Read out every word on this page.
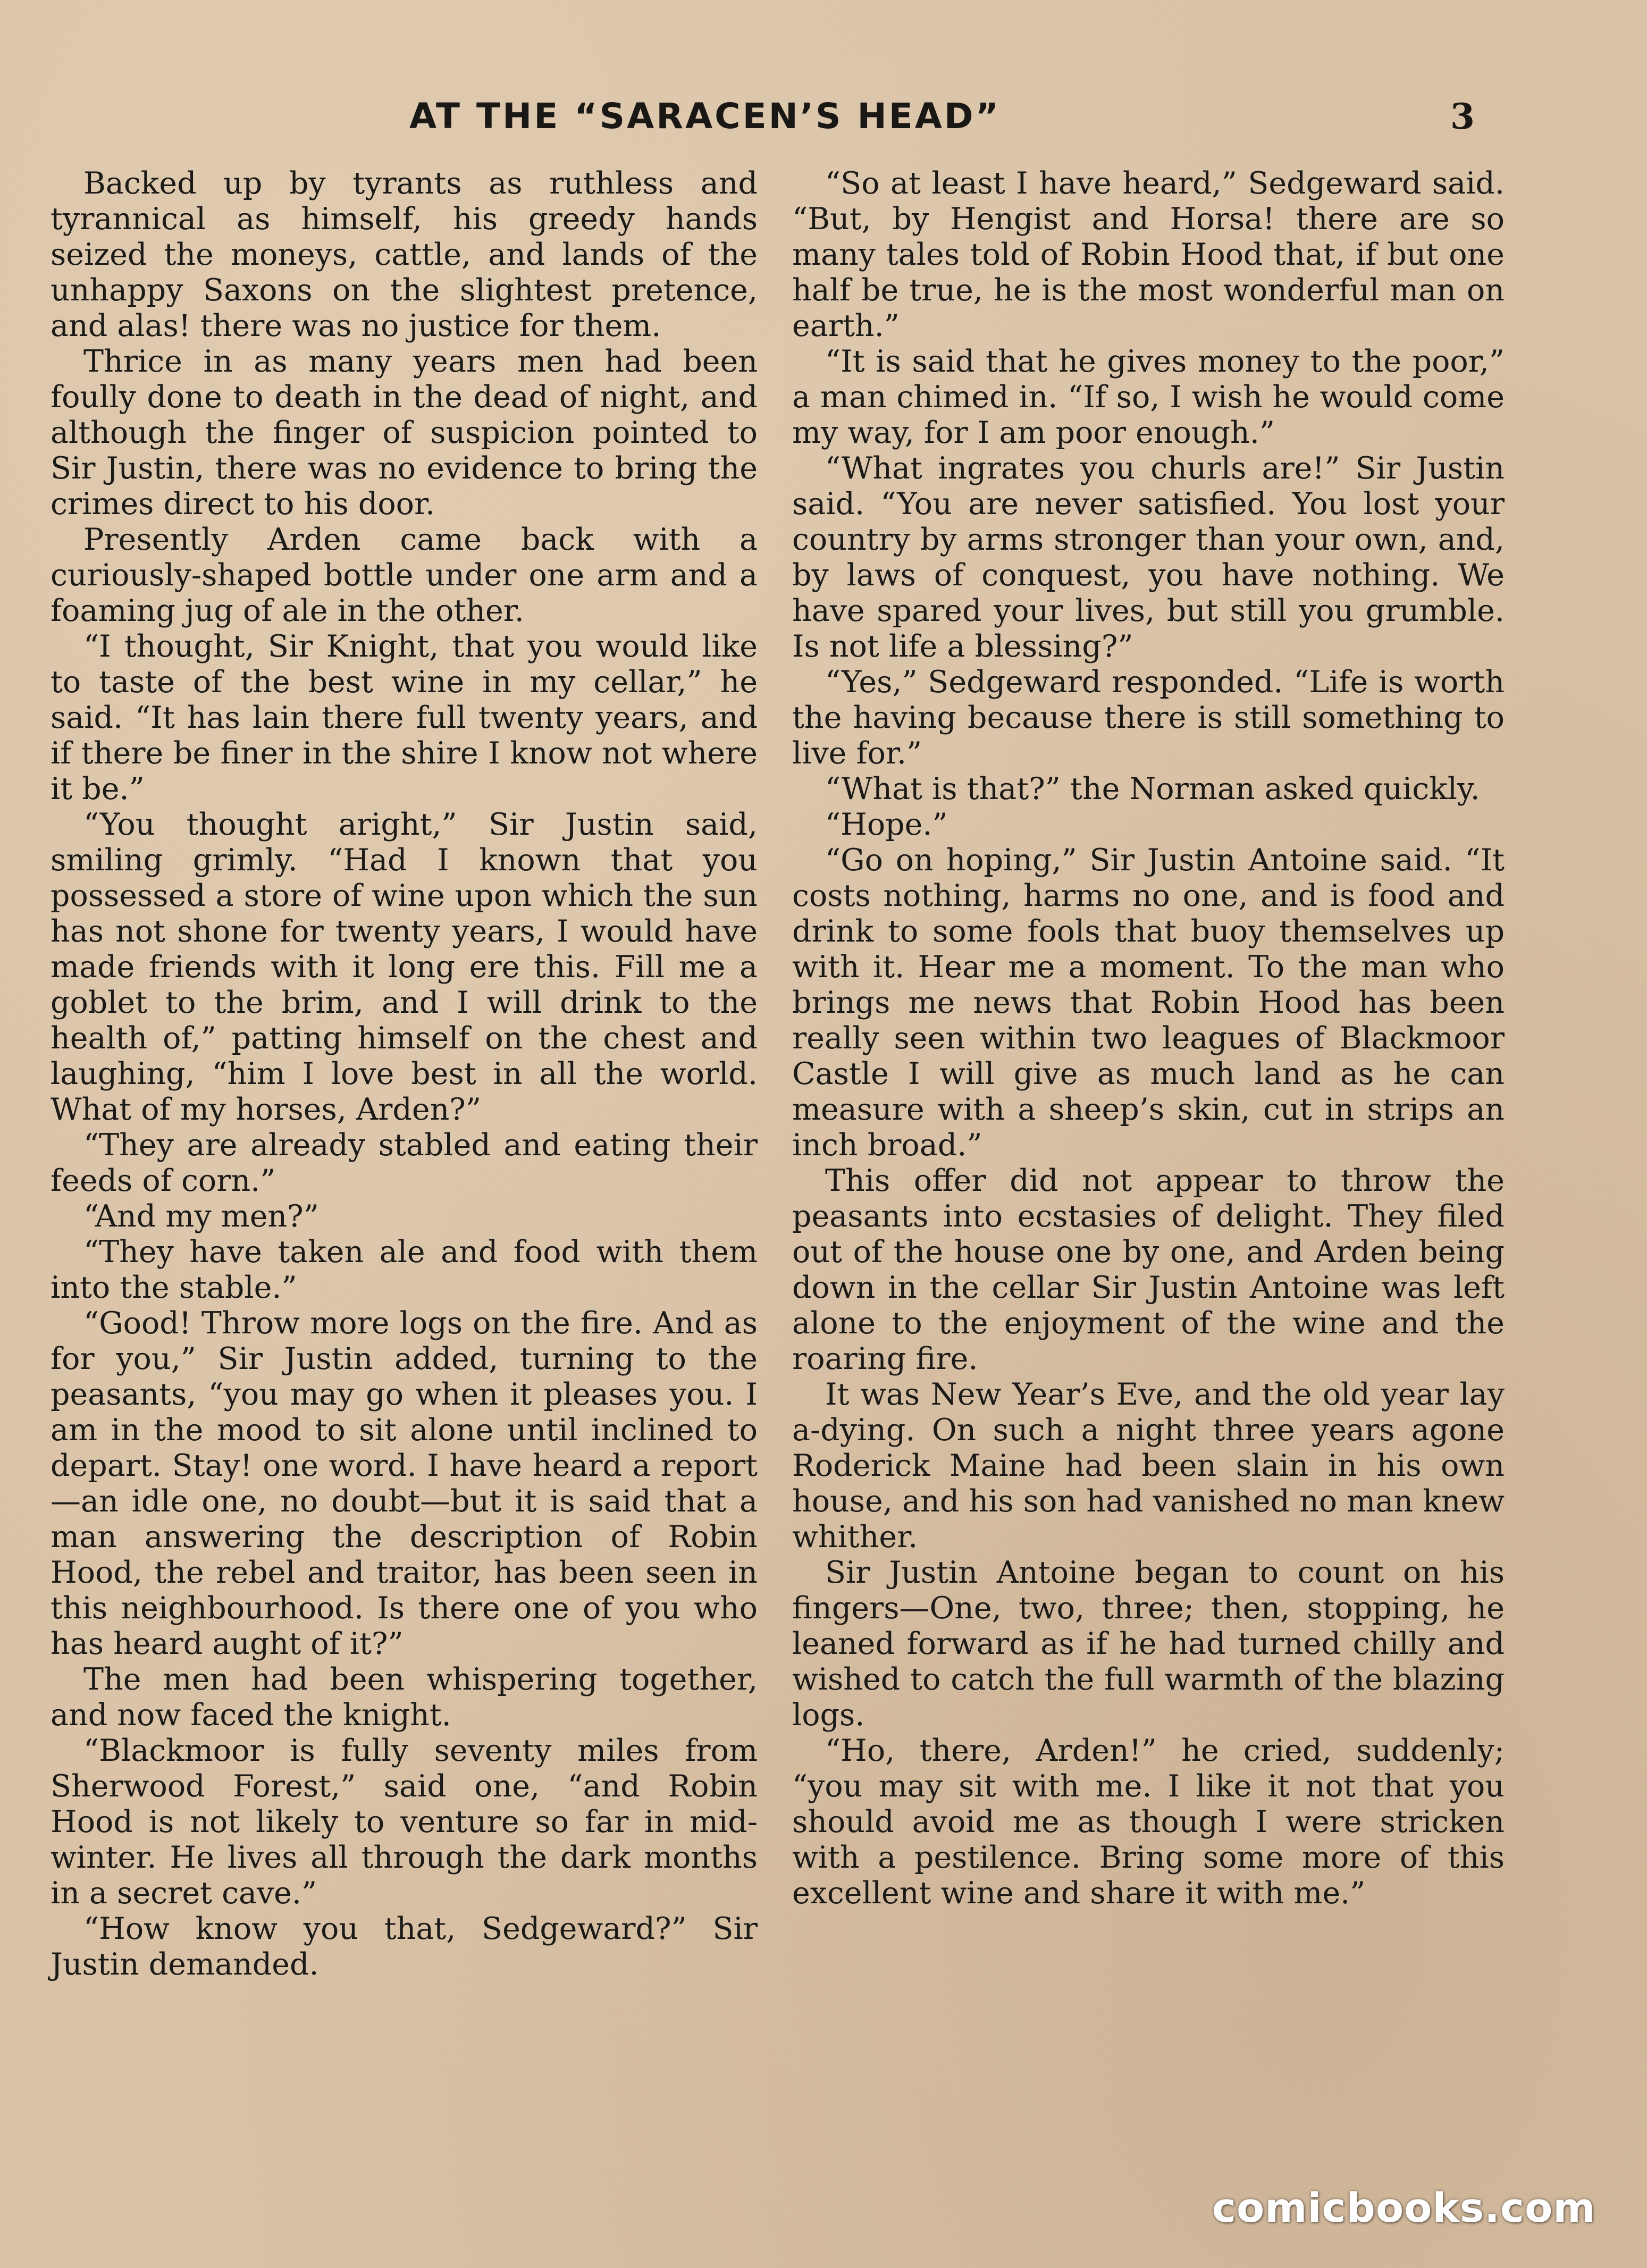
AT THE “SARACEN’S HEAD”	3

Backed up by tyrants as ruthless and tyrannical as himself, his greedy hands seized the moneys, cattle, and lands of the unhappy Saxons on the slightest pretence, and alas! there was no justice for them.

Thrice in as many years men had been foully done to death in the dead of night, and although the finger of suspicion pointed to Sir Justin, there was no evidence to bring the crimes direct to his door.

Presently Arden came back with a curiously-shaped bottle under one arm and a foaming jug of ale in the other.

“I thought, Sir Knight, that you would like to taste of the best wine in my cellar,” he said. “It has lain there full twenty years, and if there be finer in the shire I know not where it be.”

“You thought aright,” Sir Justin said, smiling grimly. “Had I known that you possessed a store of wine upon which the sun has not shone for twenty years, I would have made friends with it long ere this. Fill me a goblet to the brim, and I will drink to the health of,” patting himself on the chest and laughing, “him I love best in all the world. What of my horses, Arden?”

“They are already stabled and eating their feeds of corn.”

“And my men?”

“They have taken ale and food with them into the stable.”

“Good! Throw more logs on the fire. And as for you,” Sir Justin added, turning to the peasants, “you may go when it pleases you. I am in the mood to sit alone until inclined to depart. Stay! one word. I have heard a report—an idle one, no doubt—but it is said that a man answering the description of Robin Hood, the rebel and traitor, has been seen in this neighbourhood. Is there one of you who has heard aught of it?”

The men had been whispering together, and now faced the knight.

“Blackmoor is fully seventy miles from Sherwood Forest,” said one, “and Robin Hood is not likely to venture so far in mid-winter. He lives all through the dark months in a secret cave.”

“How know you that, Sedgeward?” Sir Justin demanded.

“So at least I have heard,” Sedgeward said. “But, by Hengist and Horsa! there are so many tales told of Robin Hood that, if but one half be true, he is the most wonderful man on earth.”

“It is said that he gives money to the poor,” a man chimed in. “If so, I wish he would come my way, for I am poor enough.”

“What ingrates you churls are!” Sir Justin said. “You are never satisfied. You lost your country by arms stronger than your own, and, by laws of conquest, you have nothing. We have spared your lives, but still you grumble. Is not life a blessing?”

“Yes,” Sedgeward responded. “Life is worth the having because there is still something to live for.”

“What is that?” the Norman asked quickly.

“Hope.”

“Go on hoping,” Sir Justin Antoine said. “It costs nothing, harms no one, and is food and drink to some fools that buoy themselves up with it. Hear me a moment. To the man who brings me news that Robin Hood has been really seen within two leagues of Blackmoor Castle I will give as much land as he can measure with a sheep’s skin, cut in strips an inch broad.”

This offer did not appear to throw the peasants into ecstasies of delight. They filed out of the house one by one, and Arden being down in the cellar Sir Justin Antoine was left alone to the enjoyment of the wine and the roaring fire.

It was New Year’s Eve, and the old year lay a-dying. On such a night three years agone Roderick Maine had been slain in his own house, and his son had vanished no man knew whither.

Sir Justin Antoine began to count on his fingers—One, two, three; then, stopping, he leaned forward as if he had turned chilly and wished to catch the full warmth of the blazing logs.

“Ho, there, Arden!” he cried, suddenly; “you may sit with me. I like it not that you should avoid me as though I were stricken with a pestilence. Bring some more of this excellent wine and share it with me.”

comicbooks.com
